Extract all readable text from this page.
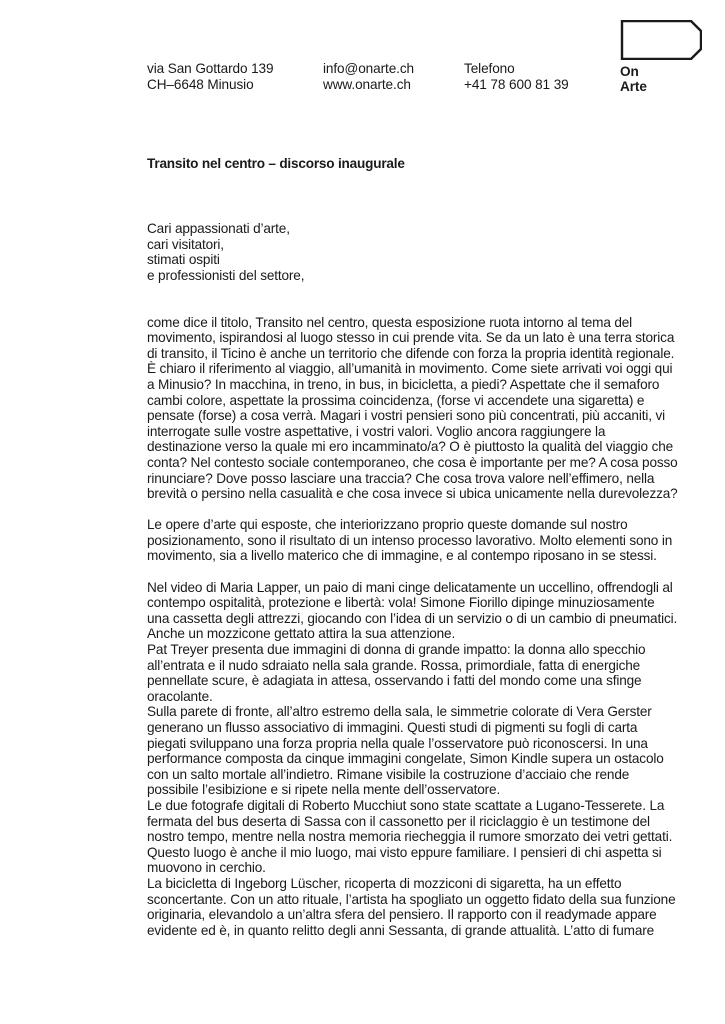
via San Gottardo 139
CH–6648 Minusio
info@onarte.ch
www.onarte.ch
Telefono
+41 78 600 81 39
On
Arte
Transito nel centro – discorso inaugurale
Cari appassionati d’arte,
cari visitatori,
stimati ospiti
e professionisti del settore,
come dice il titolo, Transito nel centro, questa esposizione ruota intorno al tema del
movimento, ispirandosi al luogo stesso in cui prende vita. Se da un lato è una terra storica
di transito, il Ticino è anche un territorio che difende con forza la propria identità regionale.
È chiaro il riferimento al viaggio, all’umanità in movimento. Come siete arrivati voi oggi qui
a Minusio? In macchina, in treno, in bus, in bicicletta, a piedi? Aspettate che il semaforo
cambi colore, aspettate la prossima coincidenza, (forse vi accendete una sigaretta) e
pensate (forse) a cosa verrà. Magari i vostri pensieri sono più concentrati, più accaniti, vi
interrogate sulle vostre aspettative, i vostri valori. Voglio ancora raggiungere la
destinazione verso la quale mi ero incamminato/a? O è piuttosto la qualità del viaggio che
conta? Nel contesto sociale contemporaneo, che cosa è importante per me? A cosa posso
rinunciare? Dove posso lasciare una traccia? Che cosa trova valore nell’effimero, nella
brevità o persino nella casualità e che cosa invece si ubica unicamente nella durevolezza?
Le opere d’arte qui esposte, che interiorizzano proprio queste domande sul nostro
posizionamento, sono il risultato di un intenso processo lavorativo. Molto elementi sono in
movimento, sia a livello materico che di immagine, e al contempo riposano in se stessi.
Nel video di Maria Lapper, un paio di mani cinge delicatamente un uccellino, offrendogli al
contempo ospitalità, protezione e libertà: vola! Simone Fiorillo dipinge minuziosamente
una cassetta degli attrezzi, giocando con l’idea di un servizio o di un cambio di pneumatici.
Anche un mozzicone gettato attira la sua attenzione.
Pat Treyer presenta due immagini di donna di grande impatto: la donna allo specchio
all’entrata e il nudo sdraiato nella sala grande. Rossa, primordiale, fatta di energiche
pennellate scure, è adagiata in attesa, osservando i fatti del mondo come una sfinge
oracolante.
Sulla parete di fronte, all’altro estremo della sala, le simmetrie colorate di Vera Gerster
generano un flusso associativo di immagini. Questi studi di pigmenti su fogli di carta
piegati sviluppano una forza propria nella quale l’osservatore può riconoscersi. In una
performance composta da cinque immagini congelate, Simon Kindle supera un ostacolo
con un salto mortale all’indietro. Rimane visibile la costruzione d’acciaio che rende
possibile l’esibizione e si ripete nella mente dell’osservatore.
Le due fotografe digitali di Roberto Mucchiut sono state scattate a Lugano-Tesserete. La
fermata del bus deserta di Sassa con il cassonetto per il riciclaggio è un testimone del
nostro tempo, mentre nella nostra memoria riecheggia il rumore smorzato dei vetri gettati.
Questo luogo è anche il mio luogo, mai visto eppure familiare. I pensieri di chi aspetta si
muovono in cerchio.
La bicicletta di Ingeborg Lüscher, ricoperta di mozziconi di sigaretta, ha un effetto
sconcertante. Con un atto rituale, l’artista ha spogliato un oggetto fidato della sua funzione
originaria, elevandolo a un’altra sfera del pensiero. Il rapporto con il readymade appare
evidente ed è, in quanto relitto degli anni Sessanta, di grande attualità. L’atto di fumare
